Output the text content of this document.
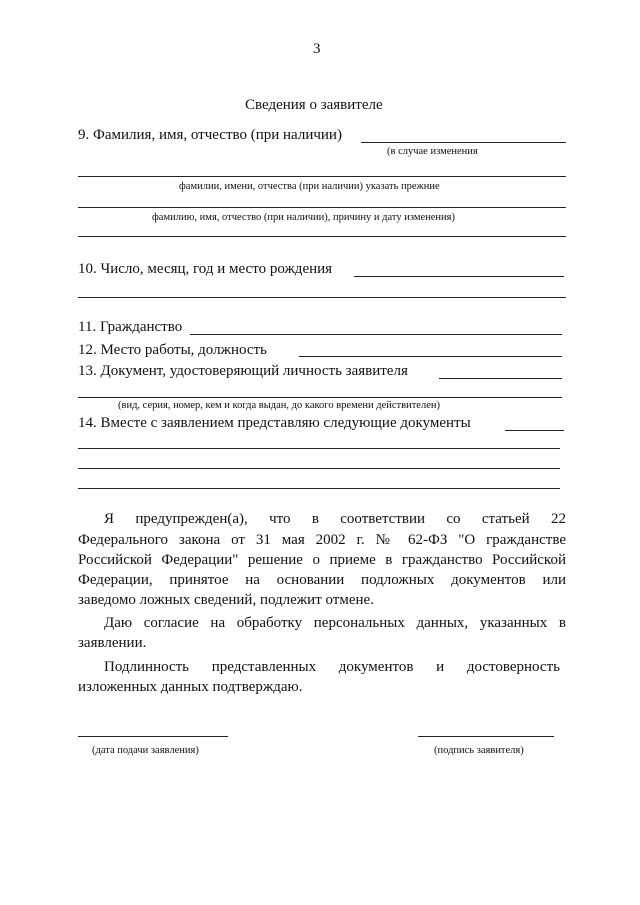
3
Сведения о заявителе
9. Фамилия, имя, отчество (при наличии)
(в случае изменения
фамилии, имени, отчества (при наличии) указать прежние
фамилию, имя, отчество (при наличии), причину и дату изменения)
10. Число, месяц, год и место рождения
11. Гражданство
12. Место работы, должность
13. Документ, удостоверяющий личность заявителя
(вид, серия, номер, кем и когда выдан, до какого времени действителен)
14. Вместе с заявлением представляю следующие документы
Я предупрежден(а), что в соответствии со статьей 22
Федерального закона от 31 мая 2002 г. № 62-ФЗ "О гражданстве
Российской Федерации" решение о приеме в гражданство Российской
Федерации, принятое на основании подложных документов или
заведомо ложных сведений, подлежит отмене.
Даю согласие на обработку персональных данных, указанных в
заявлении.
Подлинность представленных документов и достоверность
изложенных данных подтверждаю.
(дата подачи заявления)	(подпись заявителя)
